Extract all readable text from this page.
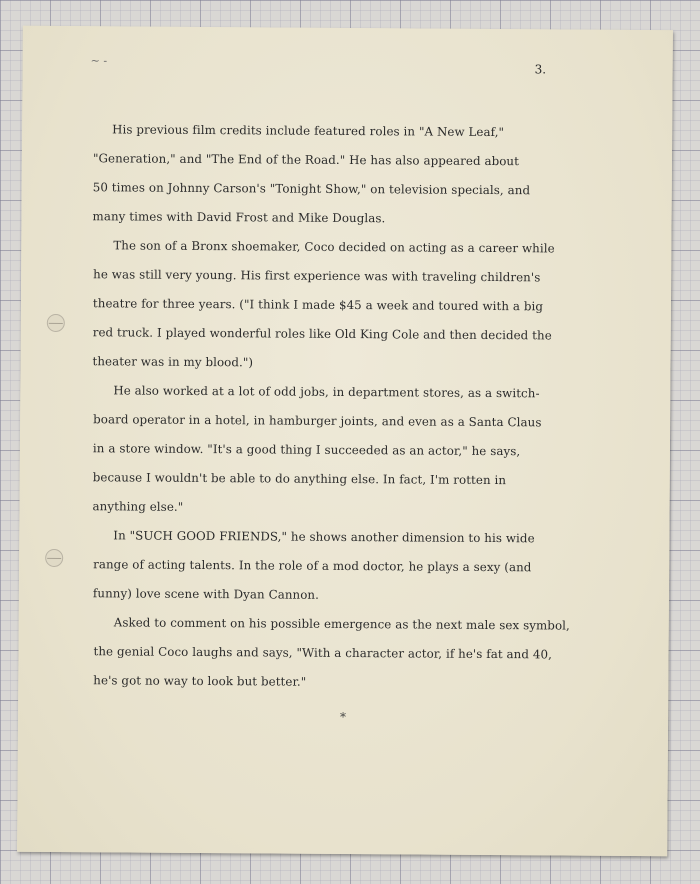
~ -
3.
His previous film credits include featured roles in "A New Leaf,"
"Generation," and "The End of the Road." He has also appeared about
50 times on Johnny Carson's "Tonight Show," on television specials, and
many times with David Frost and Mike Douglas.
The son of a Bronx shoemaker, Coco decided on acting as a career while
he was still very young. His first experience was with traveling children's
theatre for three years. ("I think I made $45 a week and toured with a big
red truck. I played wonderful roles like Old King Cole and then decided the
theater was in my blood.")
He also worked at a lot of odd jobs, in department stores, as a switch-
board operator in a hotel, in hamburger joints, and even as a Santa Claus
in a store window. "It's a good thing I succeeded as an actor," he says,
because I wouldn't be able to do anything else. In fact, I'm rotten in
anything else."
In "SUCH GOOD FRIENDS," he shows another dimension to his wide
range of acting talents. In the role of a mod doctor, he plays a sexy (and
funny) love scene with Dyan Cannon.
Asked to comment on his possible emergence as the next male sex symbol,
the genial Coco laughs and says, "With a character actor, if he's fat and 40,
he's got no way to look but better."
*
